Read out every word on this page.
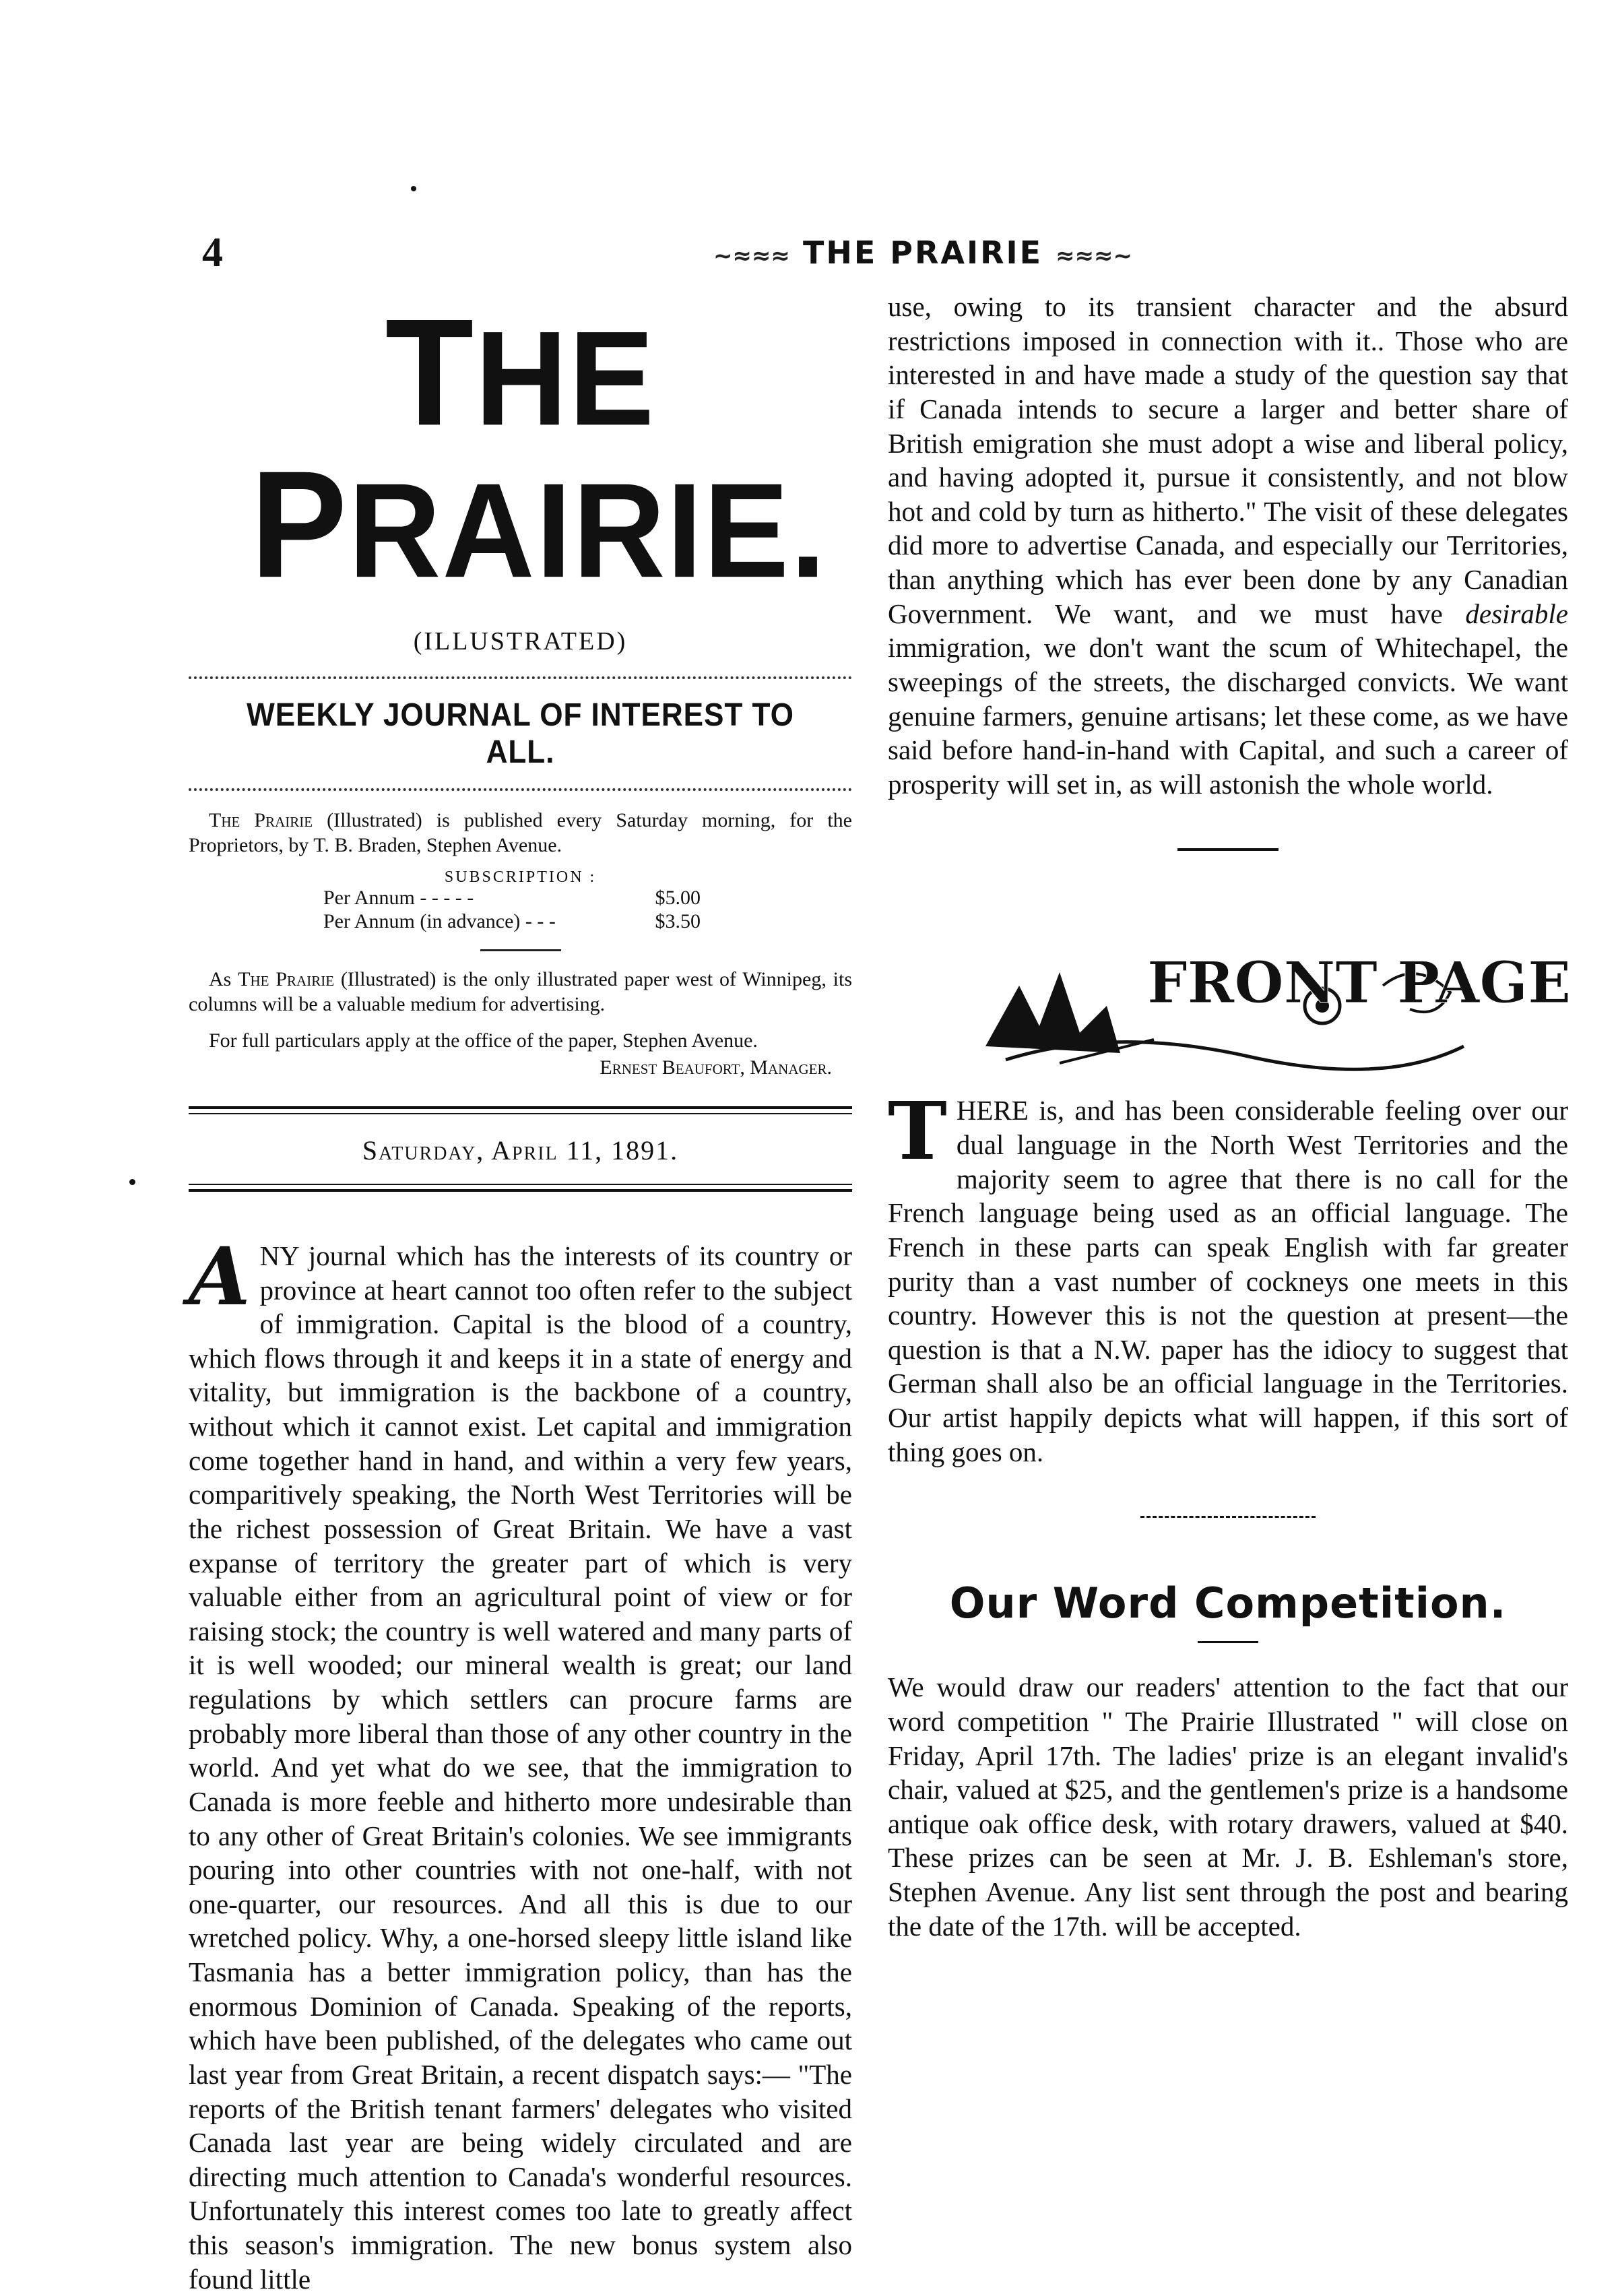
4	~≈≈≈ THE PRAIRIE ≈≈≈~
THE  PRAIRIE.
(ILLUSTRATED)
WEEKLY JOURNAL OF INTEREST TO ALL.

The Prairie (Illustrated) is published every Saturday morning, for the Proprietors, by T. B. Braden, Stephen Avenue.

SUBSCRIPTION :
Per Annum - - - - -	$5.00
Per Annum (in advance) - - -	$3.50

As The Prairie (Illustrated) is the only illustrated paper west of Winnipeg, its columns will be a valuable medium for advertising.

For full particulars apply at the office of the paper, Stephen Avenue.

Ernest Beaufort, Manager.
Saturday, April 11, 1891.

ANY journal which has the interests of its country or province at heart cannot too often refer to the subject of immigration. Capital is the blood of a country, which flows through it and keeps it in a state of energy and vitality, but immigration is the backbone of a country, without which it cannot exist. Let capital and immigration come together hand in hand, and within a very few years, comparitively speaking, the North West Territories will be the richest possession of Great Britain. We have a vast expanse of territory the greater part of which is very valuable either from an agricultural point of view or for raising stock; the country is well watered and many parts of it is well wooded; our mineral wealth is great; our land regulations by which settlers can procure farms are probably more liberal than those of any other country in the world. And yet what do we see, that the immigration to Canada is more feeble and hitherto more undesirable than to any other of Great Britain's colonies. We see immigrants pouring into other countries with not one-half, with not one-quarter, our resources. And all this is due to our wretched policy. Why, a one-horsed sleepy little island like Tasmania has a better immigration policy, than has the enormous Dominion of Canada. Speaking of the reports, which have been published, of the delegates who came out last year from Great Britain, a recent dispatch says:— "The reports of the British tenant farmers' delegates who visited Canada last year are being widely circulated and are directing much attention to Canada's wonderful resources. Unfortunately this interest comes too late to greatly affect this season's immigration. The new bonus system also found little

use, owing to its transient character and the absurd restrictions imposed in connection with it.. Those who are interested in and have made a study of the question say that if Canada intends to secure a larger and better share of British emigration she must adopt a wise and liberal policy, and having adopted it, pursue it consistently, and not blow hot and cold by turn as hitherto." The visit of these delegates did more to advertise Canada, and especially our Territories, than anything which has ever been done by any Canadian Government. We want, and we must have desirable immigration, we don't want the scum of Whitechapel, the sweepings of the streets, the discharged convicts. We want genuine farmers, genuine artisans; let these come, as we have said before hand-in-hand with Capital, and such a career of prosperity will set in, as will astonish the whole world.

FRONT PAGE

THERE is, and has been considerable feeling over our dual language in the North West Territories and the majority seem to agree that there is no call for the French language being used as an official language. The French in these parts can speak English with far greater purity than a vast number of cockneys one meets in this country. However this is not the question at present—the question is that a N.W. paper has the idiocy to suggest that German shall also be an official language in the Territories. Our artist happily depicts what will happen, if this sort of thing goes on.

Our Word Competition.

We would draw our readers' attention to the fact that our word competition " The Prairie Illustrated " will close on Friday, April 17th. The ladies' prize is an elegant invalid's chair, valued at $25, and the gentlemen's prize is a handsome antique oak office desk, with rotary drawers, valued at $40. These prizes can be seen at Mr. J. B. Eshleman's store, Stephen Avenue. Any list sent through the post and bearing the date of the 17th. will be accepted.
